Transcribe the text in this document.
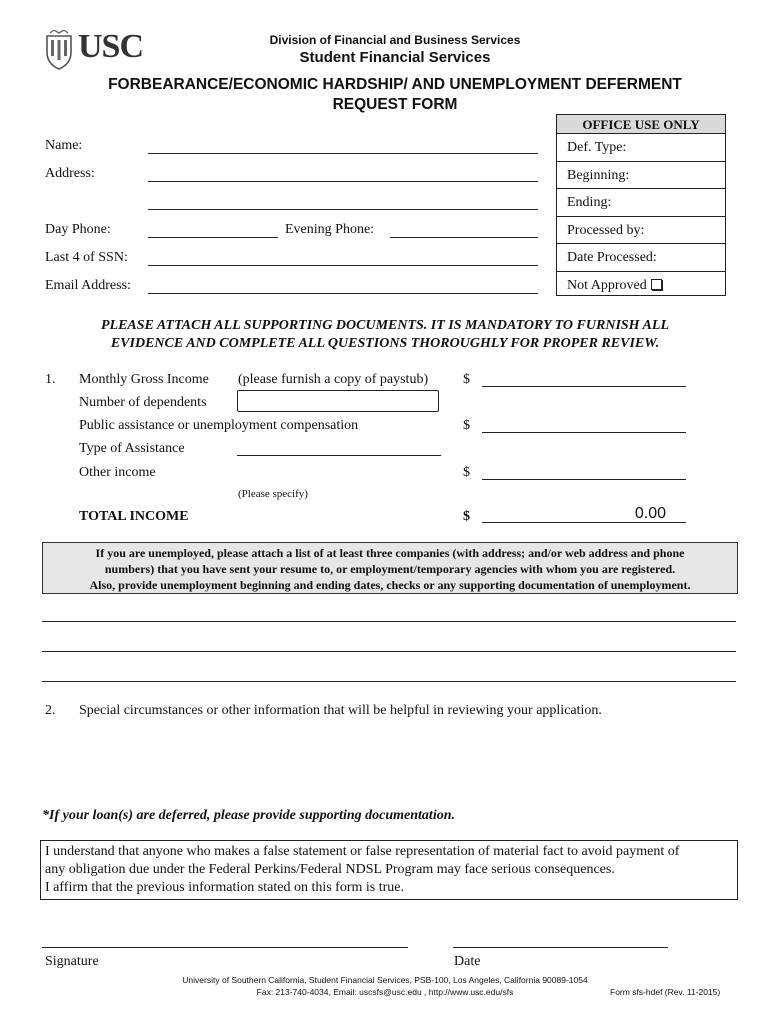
USC	Division of Financial and Business Services
Student Financial Services
FORBEARANCE/ECONOMIC HARDSHIP/ AND UNEMPLOYMENT DEFERMENT
REQUEST FORM
OFFICE USE ONLY
Def. Type:
Beginning:
Ending:
Processed by:
Date Processed:
Not Approved
Name:
Address:
Day Phone:	Evening Phone:
Last 4 of SSN:
Email Address:
PLEASE ATTACH ALL SUPPORTING DOCUMENTS. IT IS MANDATORY TO FURNISH ALL
EVIDENCE AND COMPLETE ALL QUESTIONS THOROUGHLY FOR PROPER REVIEW.
1. Monthly Gross Income (please furnish a copy of paystub) $
Number of dependents
Public assistance or unemployment compensation	$
Type of Assistance
Other income	$
(Please specify)
TOTAL INCOME	$	0.00
If you are unemployed, please attach a list of at least three companies (with address; and/or web address and phone
numbers) that you have sent your resume to, or employment/temporary agencies with whom you are registered.
Also, provide unemployment beginning and ending dates, checks or any supporting documentation of unemployment.
2. Special circumstances or other information that will be helpful in reviewing your application.
*If your loan(s) are deferred, please provide supporting documentation.
I understand that anyone who makes a false statement or false representation of material fact to avoid payment of
any obligation due under the Federal Perkins/Federal NDSL Program may face serious consequences.
I affirm that the previous information stated on this form is true.
Signature	Date
University of Southern California, Student Financial Services, PSB-100, Los Angeles, California 90089-1054
Fax: 213-740-4034, Email: uscsfs@usc.edu , http://www.usc.edu/sfs	Form sfs-hdef (Rev. 11-2015)
